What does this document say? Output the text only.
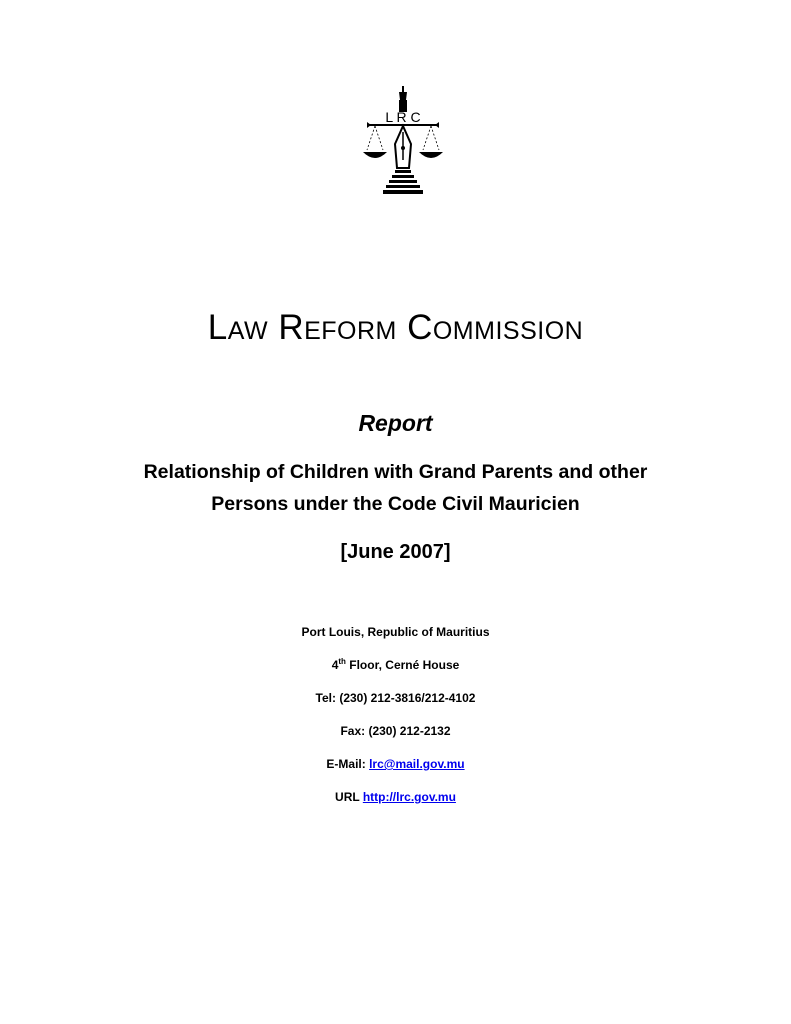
L R C
Law Reform Commission
Report
Relationship of Children with Grand Parents and other
Persons under the Code Civil Mauricien
[June 2007]
Port Louis, Republic of Mauritius
4th Floor, Cerné House
Tel: (230) 212-3816/212-4102
Fax: (230) 212-2132
E-Mail: lrc@mail.gov.mu
URL http://lrc.gov.mu
